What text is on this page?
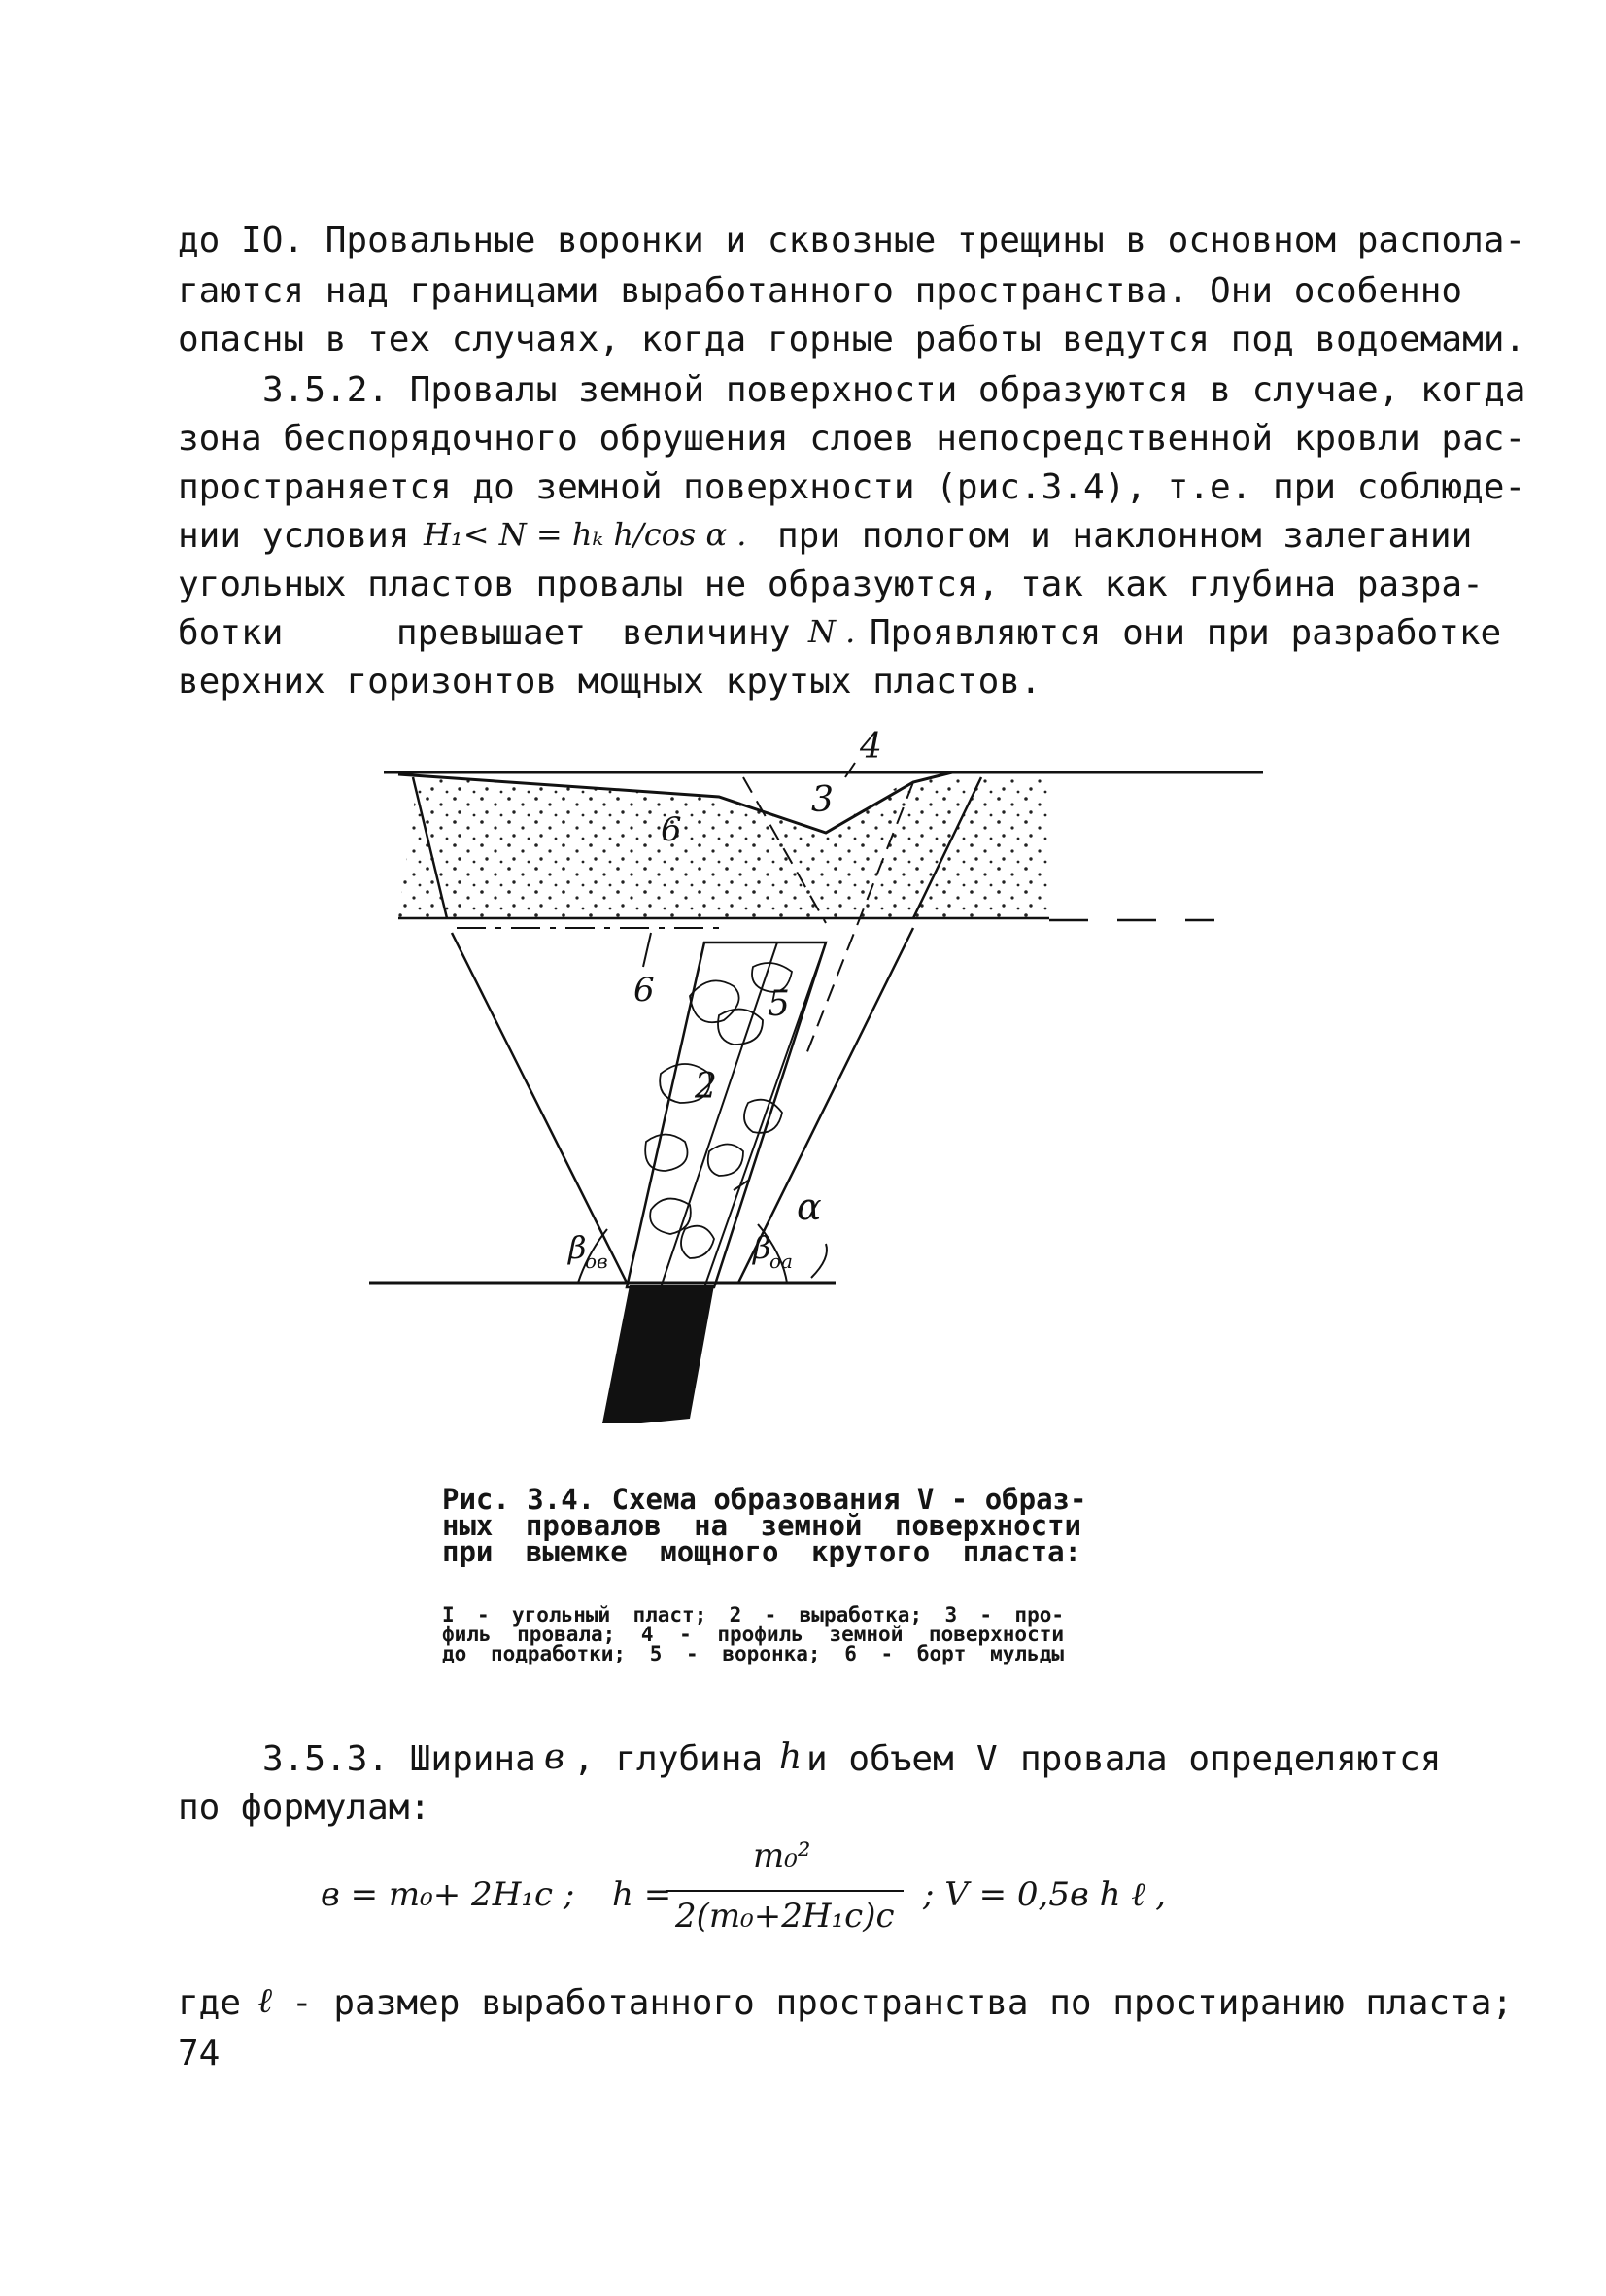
до IO. Провальные воронки и сквозные трещины в основном распола-
гаются над границами выработанного пространства. Они особенно
опасны в тех случаях, когда горные работы ведутся под водоемами.
3.5.2. Провалы земной поверхности образуются в случае, когда
зона беспорядочного обрушения слоев непосредственной кровли рас-
пространяется до земной поверхности (рис.3.4), т.е. при соблюде-
нии условия H₁< N = hₖ h/cos α . при пологом и наклонном залегании
угольных пластов провалы не образуются, так как глубина разра-
ботки превышает величину N . Проявляются они при разработке
верхних горизонтов мощных крутых пластов.
4
3
6
6	5
2
α
β
ов	β
оа
Рис. 3.4. Схема образования V - образ-
ных провалов на земной поверхности
при выемке мощного крутого пласта:
I - угольный пласт; 2 - выработка; 3 - про-
филь провала; 4 - профиль земной поверхности
до подработки; 5 - воронка; 6 - борт мульды
3.5.3. Ширина в , глубина h и объем V провала определяются
по формулам:
в = m₀+ 2H₁c ; h =
m₀²
2(m₀+2H₁c)c
; V = 0,5в h ℓ ,
где ℓ - размер выработанного пространства по простиранию пласта;
74
